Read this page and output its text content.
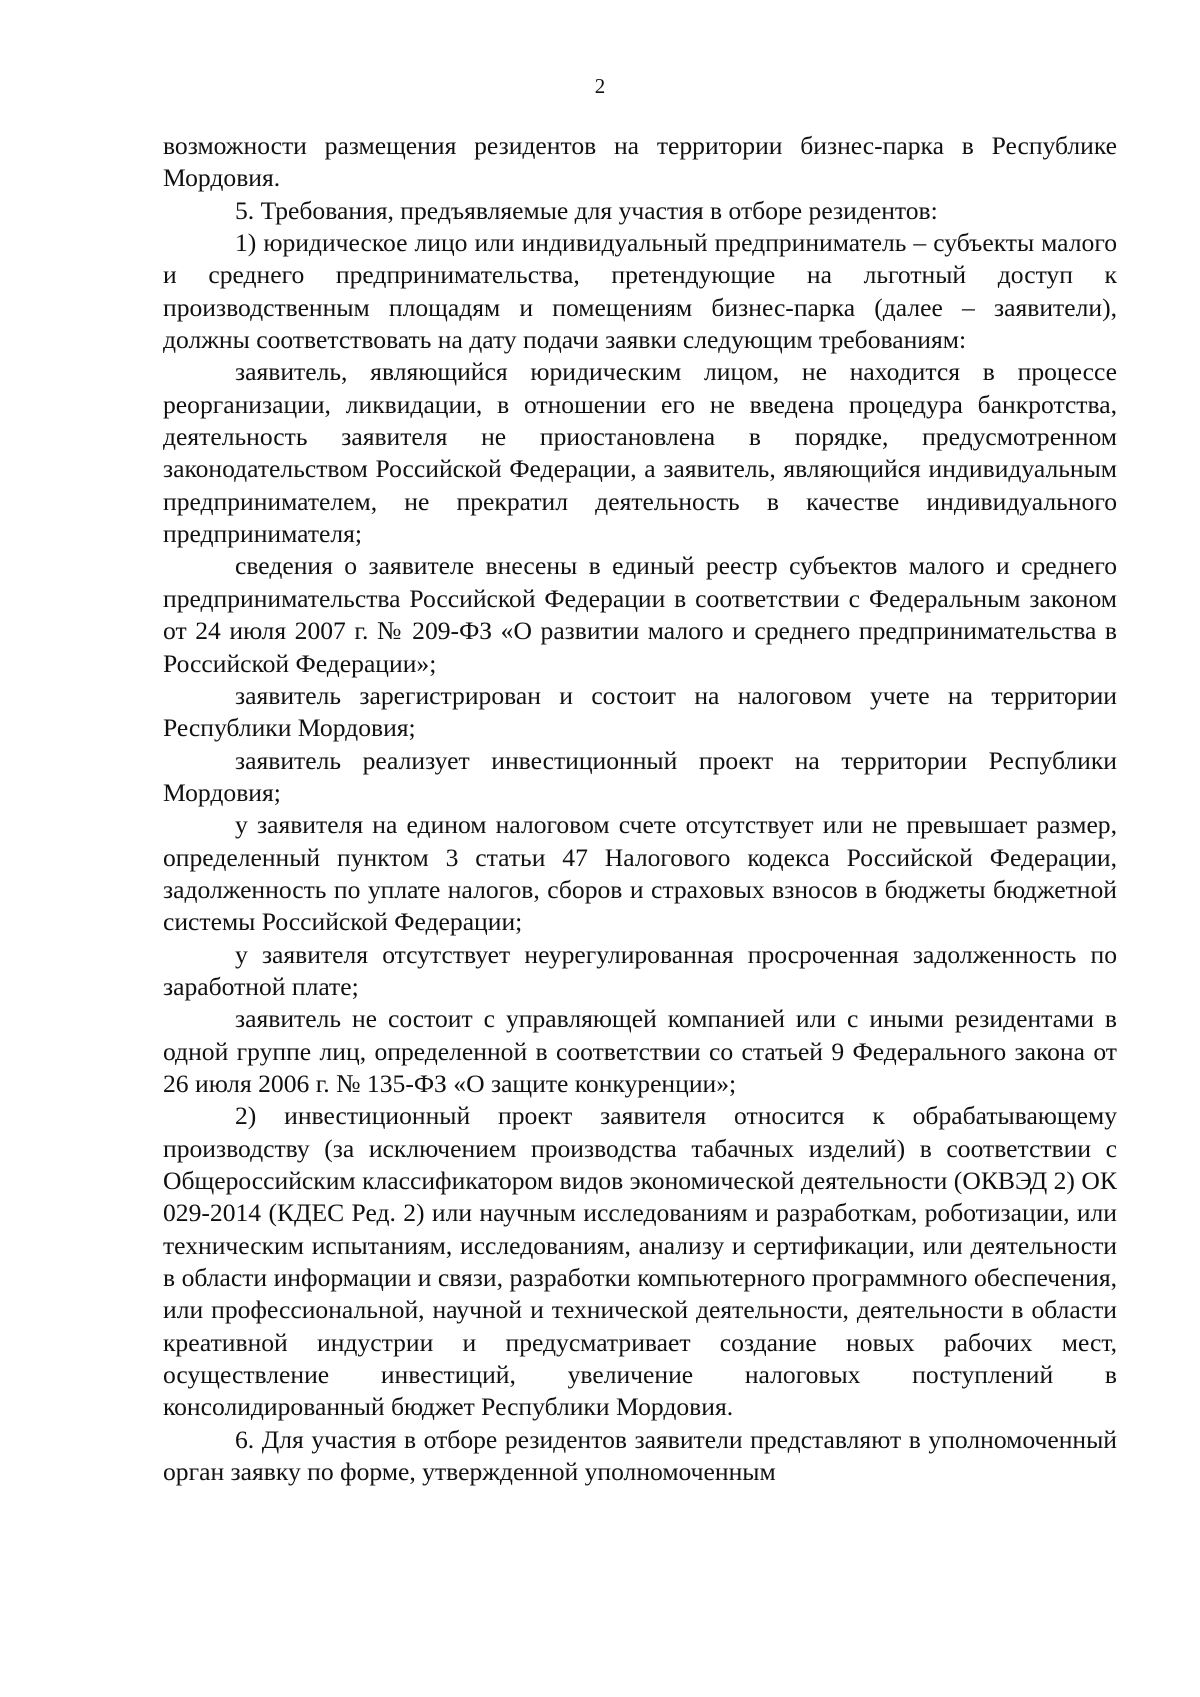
2

возможности размещения резидентов на территории бизнес-парка в Республике Мордовия.

5. Требования, предъявляемые для участия в отборе резидентов:

1) юридическое лицо или индивидуальный предприниматель – субъекты малого и среднего предпринимательства, претендующие на льготный доступ к производственным площадям и помещениям бизнес-парка (далее – заявители), должны соответствовать на дату подачи заявки следующим требованиям:

заявитель, являющийся юридическим лицом, не находится в процессе реорганизации, ликвидации, в отношении его не введена процедура банкротства, деятельность заявителя не приостановлена в порядке, предусмотренном законодательством Российской Федерации, а заявитель, являющийся индивидуальным предпринимателем, не прекратил деятельность в качестве индивидуального предпринимателя;

сведения о заявителе внесены в единый реестр субъектов малого и среднего предпринимательства Российской Федерации в соответствии с Федеральным законом от 24 июля 2007 г. № 209-ФЗ «О развитии малого и среднего предпринимательства в Российской Федерации»;

заявитель зарегистрирован и состоит на налоговом учете на территории Республики Мордовия;

заявитель реализует инвестиционный проект на территории Республики Мордовия;

у заявителя на едином налоговом счете отсутствует или не превышает размер, определенный пунктом 3 статьи 47 Налогового кодекса Российской Федерации, задолженность по уплате налогов, сборов и страховых взносов в бюджеты бюджетной системы Российской Федерации;

у заявителя отсутствует неурегулированная просроченная задолженность по заработной плате;

заявитель не состоит с управляющей компанией или с иными резидентами в одной группе лиц, определенной в соответствии со статьей 9 Федерального закона от 26 июля 2006 г. № 135-ФЗ «О защите конкуренции»;

2) инвестиционный проект заявителя относится к обрабатывающему производству (за исключением производства табачных изделий) в соответствии с Общероссийским классификатором видов экономической деятельности (ОКВЭД 2) ОК 029-2014 (КДЕС Ред. 2) или научным исследованиям и разработкам, роботизации, или техническим испытаниям, исследованиям, анализу и сертификации, или деятельности в области информации и связи, разработки компьютерного программного обеспечения, или профессиональной, научной и технической деятельности, деятельности в области креативной индустрии и предусматривает создание новых рабочих мест, осуществление инвестиций, увеличение налоговых поступлений в консолидированный бюджет Республики Мордовия.

6. Для участия в отборе резидентов заявители представляют в уполномоченный орган заявку по форме, утвержденной уполномоченным
